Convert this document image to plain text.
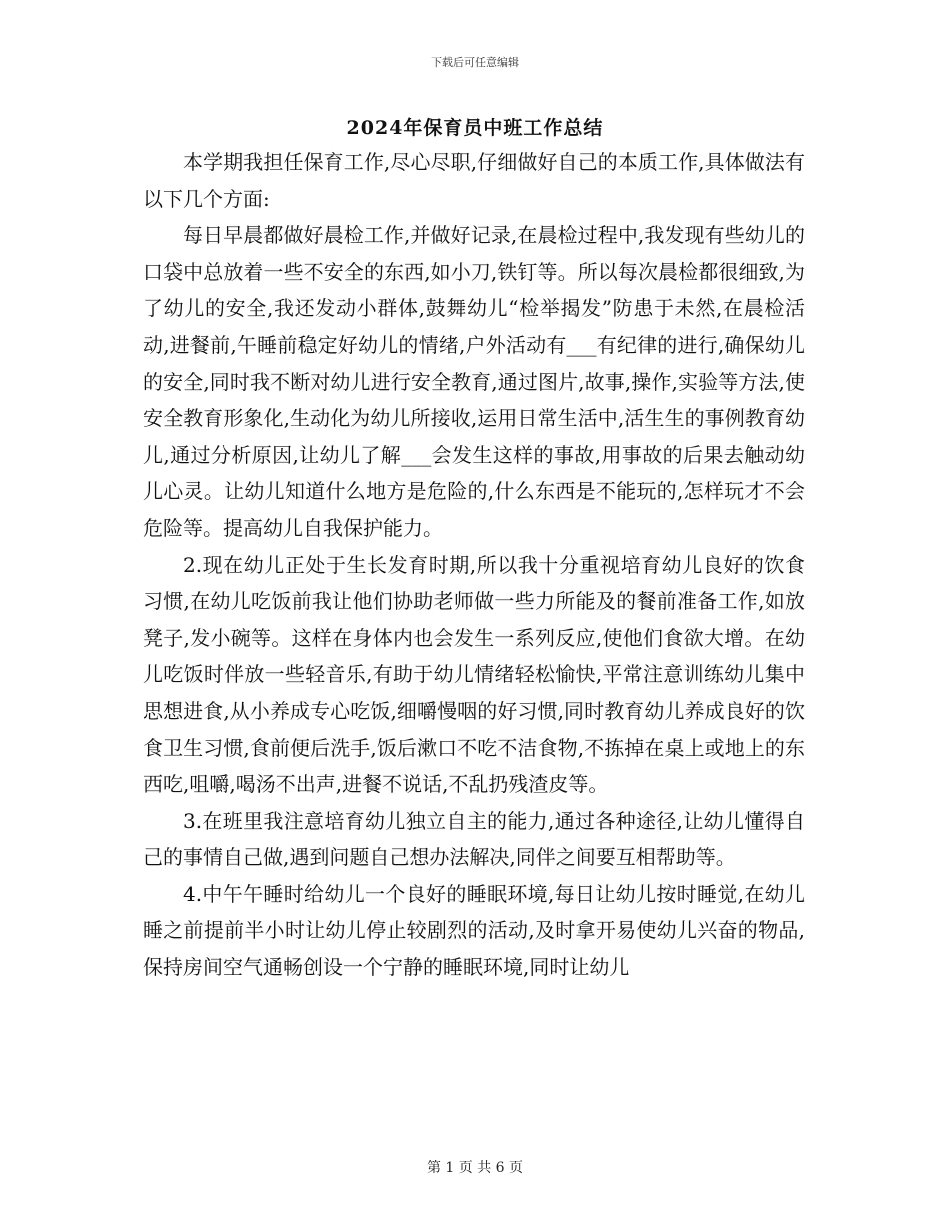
下载后可任意编辑
2024年保育员中班工作总结

本学期我担任保育工作,尽心尽职,仔细做好自己的本质工作,具体做法有以下几个方面:

每日早晨都做好晨检工作,并做好记录,在晨检过程中,我发现有些幼儿的口袋中总放着一些不安全的东西,如小刀,铁钉等。所以每次晨检都很细致,为了幼儿的安全,我还发动小群体,鼓舞幼儿“检举揭发”防患于未然,在晨检活动,进餐前,午睡前稳定好幼儿的情绪,户外活动有___有纪律的进行,确保幼儿的安全,同时我不断对幼儿进行安全教育,通过图片,故事,操作,实验等方法,使安全教育形象化,生动化为幼儿所接收,运用日常生活中,活生生的事例教育幼儿,通过分析原因,让幼儿了解___会发生这样的事故,用事故的后果去触动幼儿心灵。让幼儿知道什么地方是危险的,什么东西是不能玩的,怎样玩才不会危险等。提高幼儿自我保护能力。

2.现在幼儿正处于生长发育时期,所以我十分重视培育幼儿良好的饮食习惯,在幼儿吃饭前我让他们协助老师做一些力所能及的餐前准备工作,如放凳子,发小碗等。这样在身体内也会发生一系列反应,使他们食欲大增。在幼儿吃饭时伴放一些轻音乐,有助于幼儿情绪轻松愉快,平常注意训练幼儿集中思想进食,从小养成专心吃饭,细嚼慢咽的好习惯,同时教育幼儿养成良好的饮食卫生习惯,食前便后洗手,饭后漱口不吃不洁食物,不拣掉在桌上或地上的东西吃,咀嚼,喝汤不出声,进餐不说话,不乱扔残渣皮等。

3.在班里我注意培育幼儿独立自主的能力,通过各种途径,让幼儿懂得自己的事情自己做,遇到问题自己想办法解决,同伴之间要互相帮助等。

4.中午午睡时给幼儿一个良好的睡眠环境,每日让幼儿按时睡觉,在幼儿睡之前提前半小时让幼儿停止较剧烈的活动,及时拿开易使幼儿兴奋的物品,保持房间空气通畅创设一个宁静的睡眠环境,同时让幼儿

第 1 页 共 6 页
